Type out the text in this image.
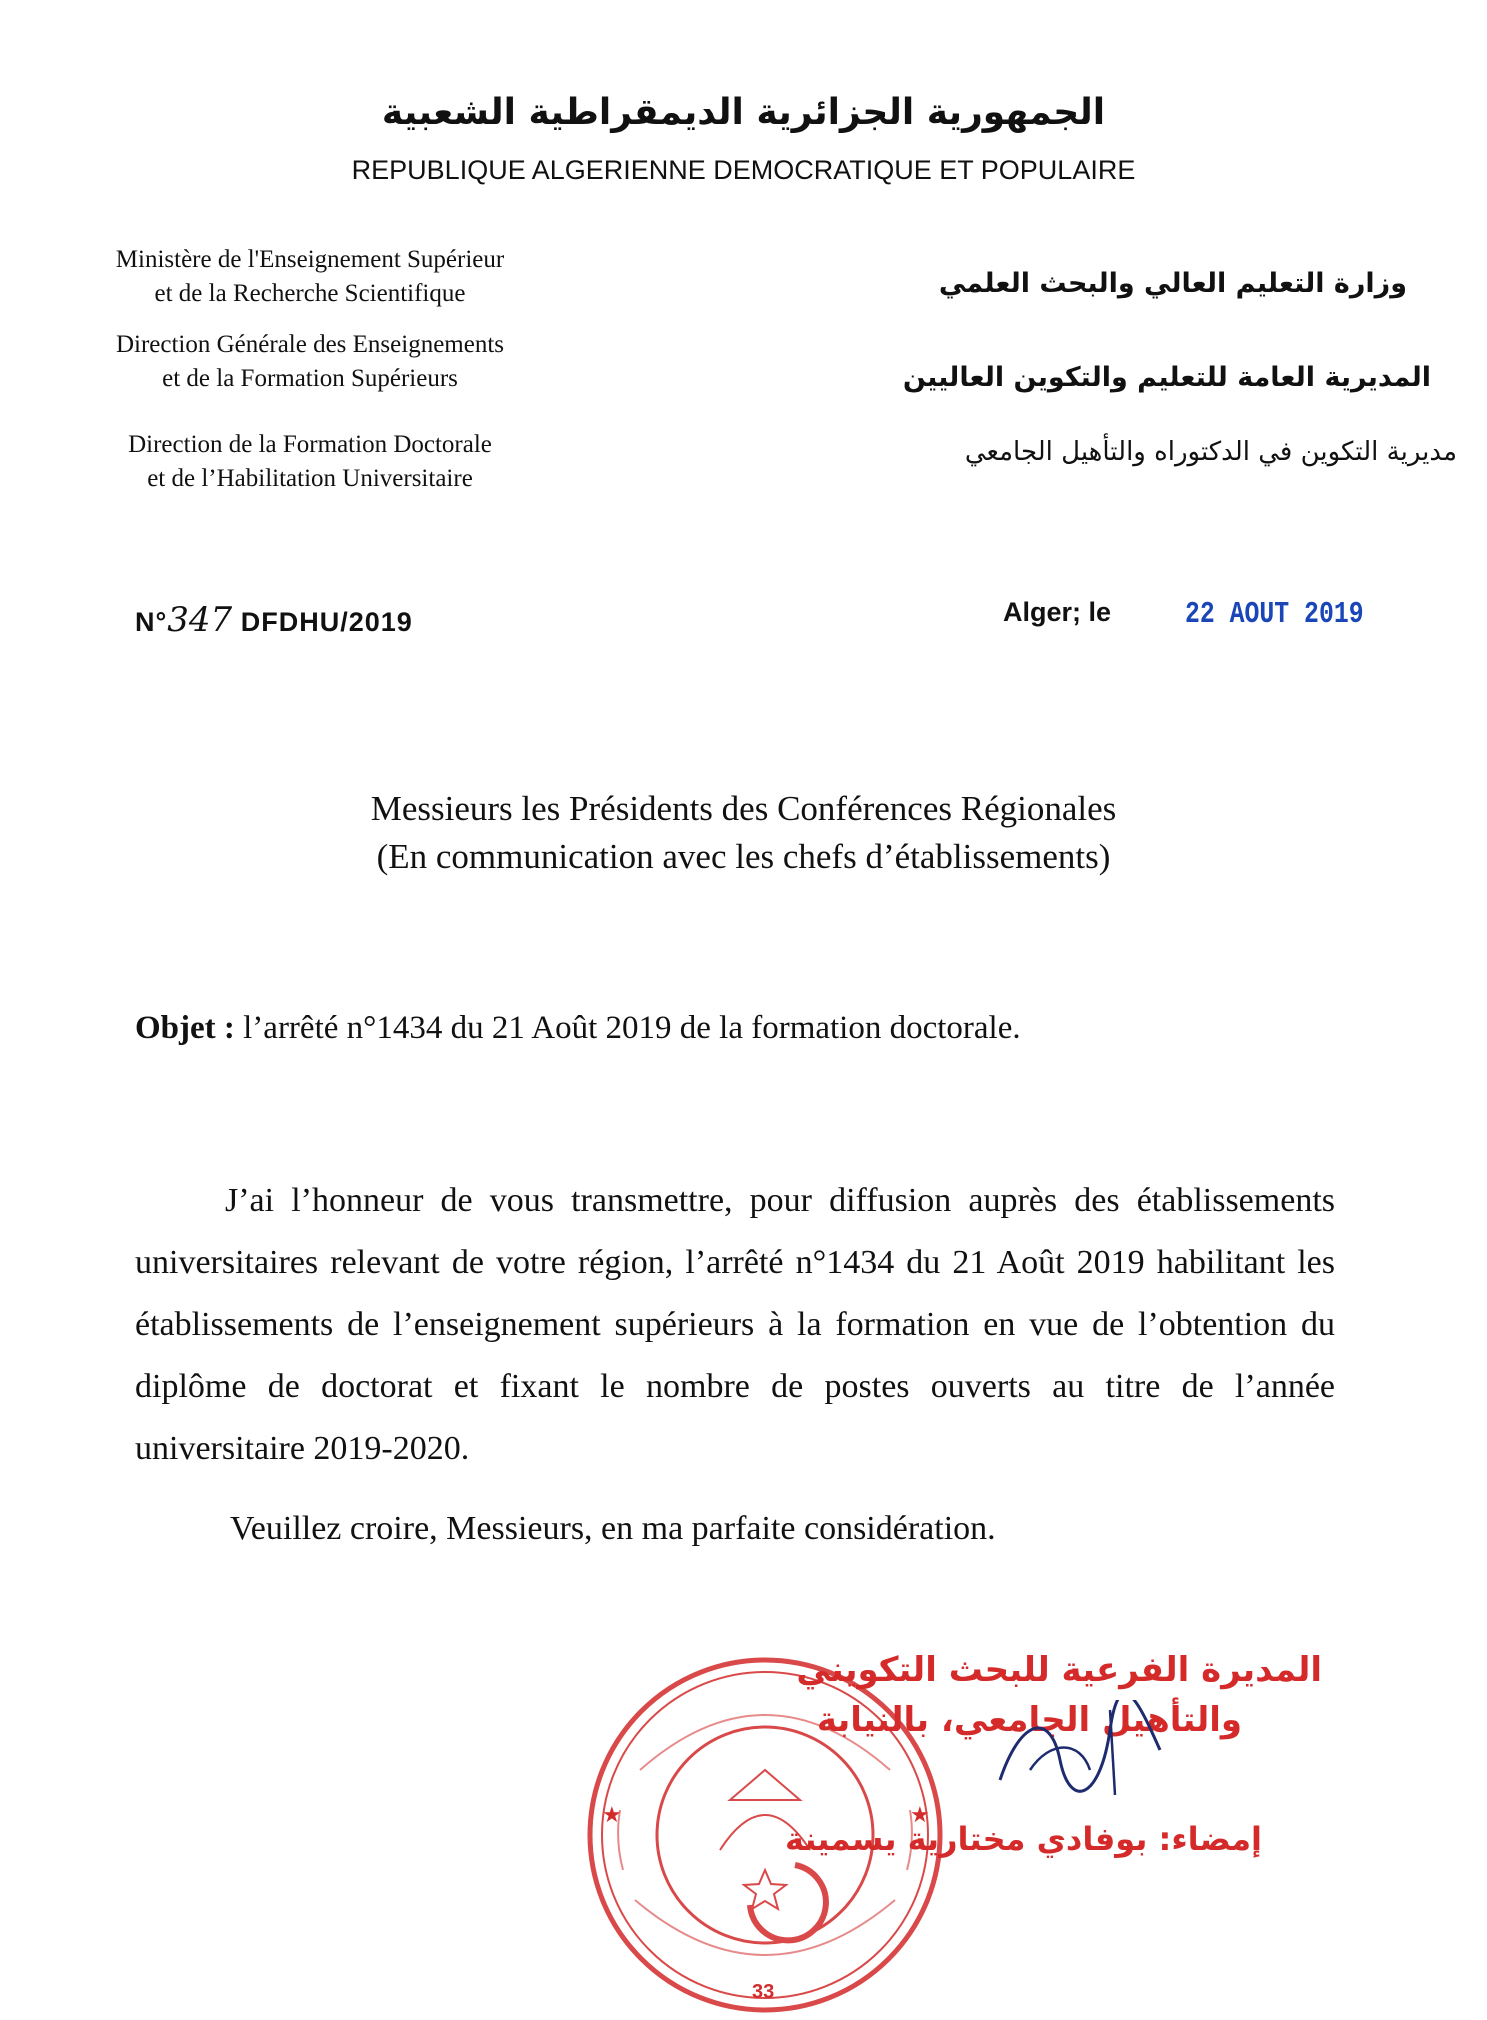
الجمهورية الجزائرية الديمقراطية الشعبية
REPUBLIQUE ALGERIENNE DEMOCRATIQUE ET POPULAIRE
Ministère de l'Enseignement Supérieur
et de la Recherche Scientifique
Direction Générale des Enseignements
et de la Formation Supérieurs
Direction de la Formation Doctorale
et de l’Habilitation Universitaire
وزارة التعليم العالي والبحث العلمي
المديرية العامة للتعليم والتكوين العاليين
مديرية التكوين في الدكتوراه والتأهيل الجامعي
N°347 DFDHU/2019	Alger; le 22 AOUT 2019
Messieurs les Présidents des Conférences Régionales
(En communication avec les chefs d’établissements)
Objet : l’arrêté n°1434 du 21 Août 2019 de la formation doctorale.
J’ai l’honneur de vous transmettre, pour diffusion auprès des établissements universitaires relevant de votre région, l’arrêté n°1434 du 21 Août 2019 habilitant les établissements de l’enseignement supérieurs à la formation en vue de l’obtention du diplôme de doctorat et fixant le nombre de postes ouverts au titre de l’année universitaire 2019-2020.
Veuillez croire, Messieurs, en ma parfaite considération.
★	★
33
المديرة الفرعية للبحث التكويني
والتأهيل الجامعي، بالنيابة
إمضاء: بوفادي مختارية يسمينة
